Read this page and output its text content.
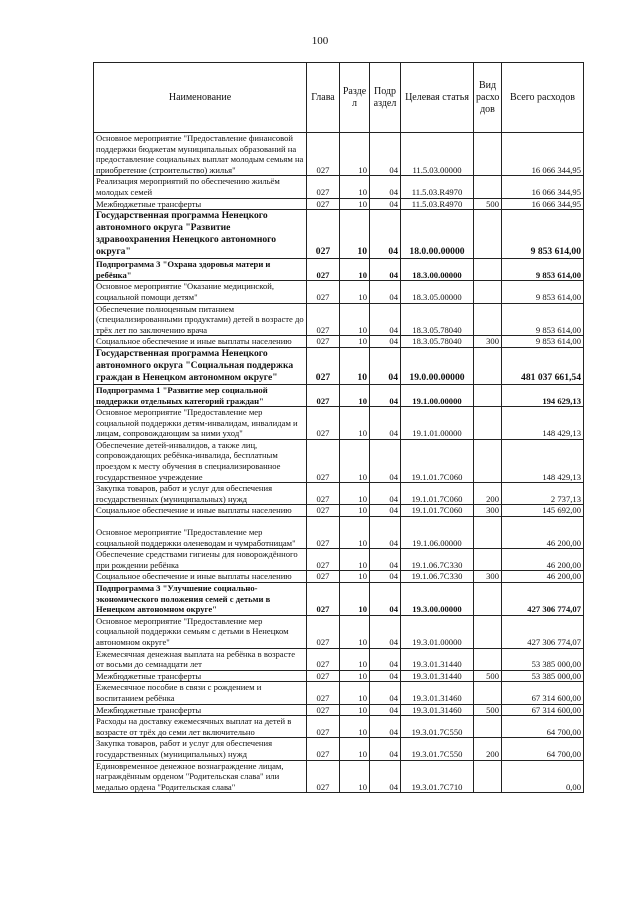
100
Наименование	Глава	Разде л	Подр аздел	Целевая статья	Вид расхо дов	Всего расходов
Основное мероприятие "Предоставление финансовой поддержки бюджетам муниципальных образований на предоставление социальных выплат молодым семьям на приобретение (строительство) жилья"	027	10	04	11.5.03.00000		16 066 344,95
Реализация мероприятий по обеспечению жильём молодых семей	027	10	04	11.5.03.R4970		16 066 344,95
Межбюджетные трансферты	027	10	04	11.5.03.R4970	500	16 066 344,95
Государственная программа Ненецкого автономного округа "Развитие здравоохранения Ненецкого автономного округа"	027	10	04	18.0.00.00000		9 853 614,00
Подпрограмма 3 "Охрана здоровья матери и ребёнка"	027	10	04	18.3.00.00000		9 853 614,00
Основное мероприятие "Оказание медицинской, социальной помощи детям"	027	10	04	18.3.05.00000		9 853 614,00
Обеспечение полноценным питанием (специализированными продуктами) детей в возрасте до трёх лет по заключению врача	027	10	04	18.3.05.78040		9 853 614,00
Социальное обеспечение и иные выплаты населению	027	10	04	18.3.05.78040	300	9 853 614,00
Государственная программа Ненецкого автономного округа "Социальная поддержка граждан в Ненецком автономном округе"	027	10	04	19.0.00.00000		481 037 661,54
Подпрограмма 1 "Развитие мер социальной поддержки отдельных категорий граждан"	027	10	04	19.1.00.00000		194 629,13
Основное мероприятие "Предоставление мер социальной поддержки детям-инвалидам, инвалидам и лицам, сопровождающим за ними уход"	027	10	04	19.1.01.00000		148 429,13
Обеспечение детей-инвалидов, а также лиц, сопровождающих ребёнка-инвалида, бесплатным проездом к месту обучения в специализированное государственное учреждение	027	10	04	19.1.01.7С060		148 429,13
Закупка товаров, работ и услуг для обеспечения государственных (муниципальных) нужд	027	10	04	19.1.01.7С060	200	2 737,13
Социальное обеспечение и иные выплаты населению	027	10	04	19.1.01.7С060	300	145 692,00
Основное мероприятие "Предоставление мер социальной поддержки оленеводам и чумработницам"	027	10	04	19.1.06.00000		46 200,00
Обеспечение средствами гигиены для новорождённого при рождении ребёнка	027	10	04	19.1.06.7С330		46 200,00
Социальное обеспечение и иные выплаты населению	027	10	04	19.1.06.7С330	300	46 200,00
Подпрограмма 3 "Улучшение социально-экономического положения семей с детьми в Ненецком автономном округе"	027	10	04	19.3.00.00000		427 306 774,07
Основное мероприятие "Предоставление мер социальной поддержки семьям с детьми в Ненецком автономном округе"	027	10	04	19.3.01.00000		427 306 774,07
Ежемесячная денежная выплата на ребёнка в возрасте от восьми до семнадцати лет	027	10	04	19.3.01.31440		53 385 000,00
Межбюджетные трансферты	027	10	04	19.3.01.31440	500	53 385 000,00
Ежемесячное пособие в связи с рождением и воспитанием ребёнка	027	10	04	19.3.01.31460		67 314 600,00
Межбюджетные трансферты	027	10	04	19.3.01.31460	500	67 314 600,00
Расходы на доставку ежемесячных выплат на детей в возрасте от трёх до семи лет включительно	027	10	04	19.3.01.7С550		64 700,00
Закупка товаров, работ и услуг для обеспечения государственных (муниципальных) нужд	027	10	04	19.3.01.7С550	200	64 700,00
Единовременное денежное вознаграждение лицам, награждённым орденом "Родительская слава" или медалью ордена "Родительская слава"	027	10	04	19.3.01.7С710		0,00
